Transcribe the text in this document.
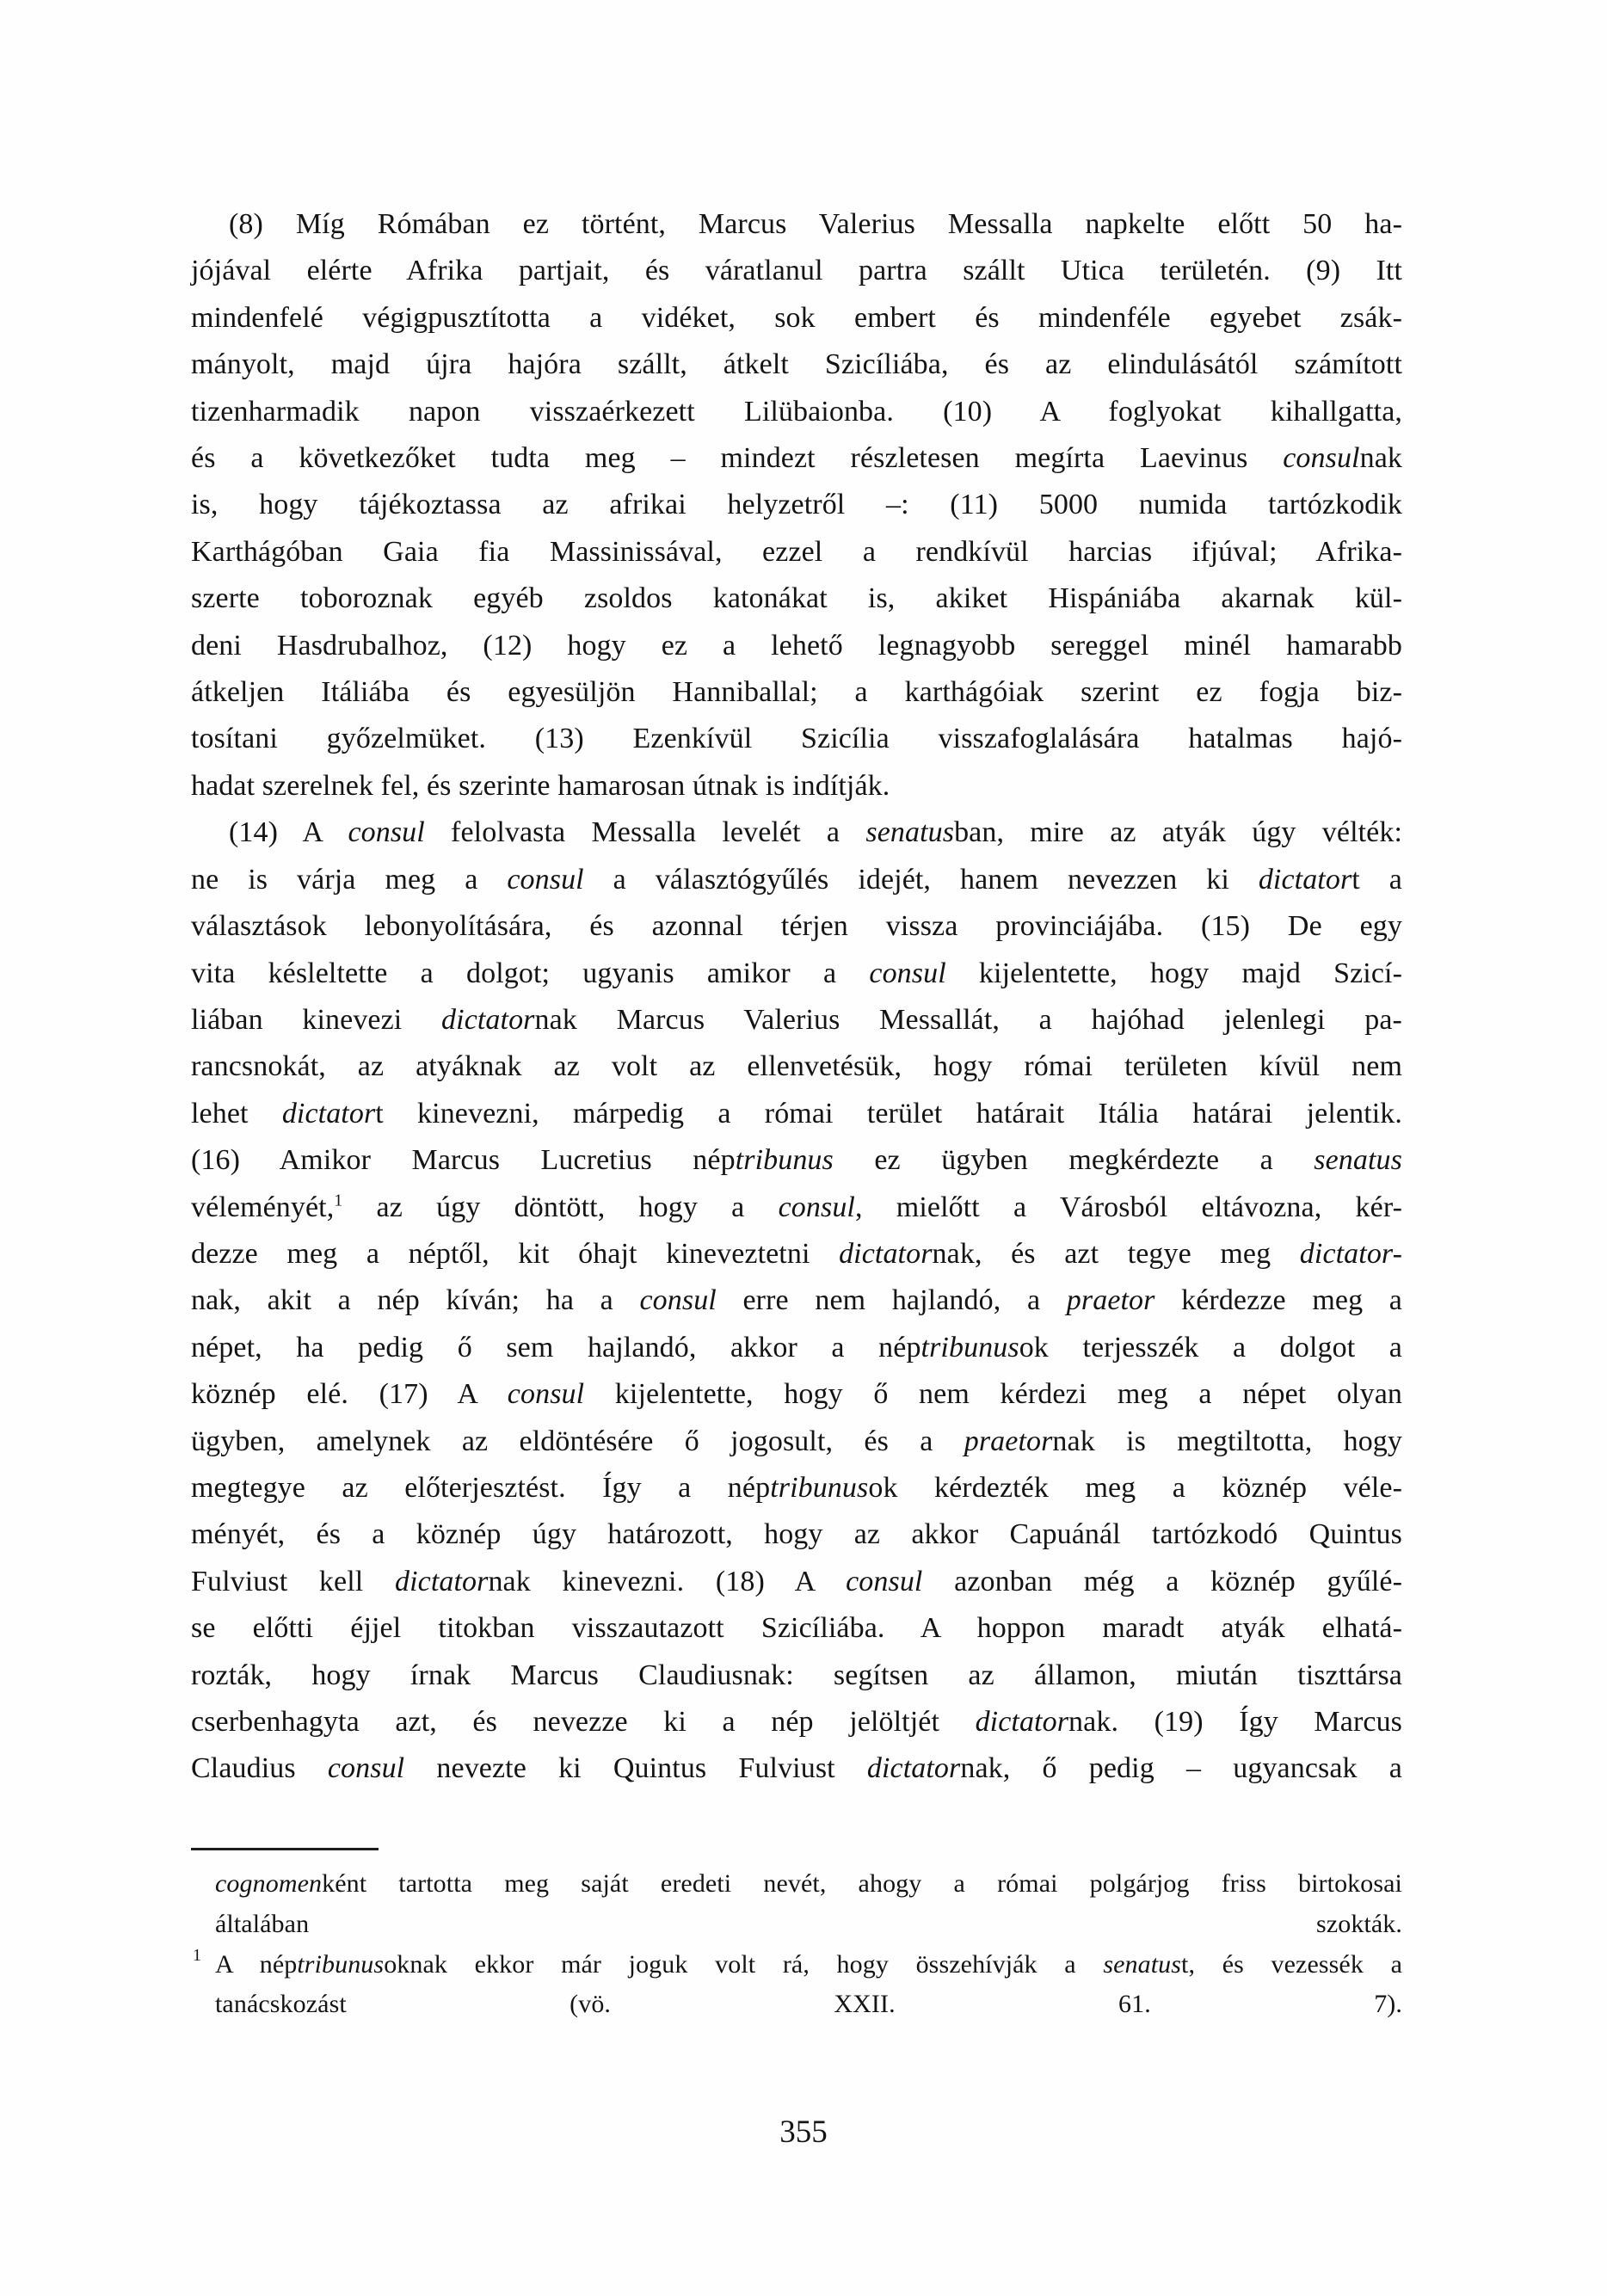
(8) Míg Rómában ez történt, Marcus Valerius Messalla napkelte előtt 50 ha-
jójával elérte Afrika partjait, és váratlanul partra szállt Utica területén. (9) Itt
mindenfelé végigpusztította a vidéket, sok embert és mindenféle egyebet zsák-
mányolt, majd újra hajóra szállt, átkelt Szicíliába, és az elindulásától számított
tizenharmadik napon visszaérkezett Lilübaionba. (10) A foglyokat kihallgatta,
és a következőket tudta meg – mindezt részletesen megírta Laevinus consulnak
is, hogy tájékoztassa az afrikai helyzetről –: (11) 5000 numida tartózkodik
Karthágóban Gaia fia Massinissával, ezzel a rendkívül harcias ifjúval; Afrika-
szerte toboroznak egyéb zsoldos katonákat is, akiket Hispániába akarnak kül-
deni Hasdrubalhoz, (12) hogy ez a lehető legnagyobb sereggel minél hamarabb
átkeljen Itáliába és egyesüljön Hanniballal; a karthágóiak szerint ez fogja biz-
tosítani győzelmüket. (13) Ezenkívül Szicília visszafoglalására hatalmas hajó-
hadat szerelnek fel, és szerinte hamarosan útnak is indítják.
(14) A consul felolvasta Messalla levelét a senatusban, mire az atyák úgy vélték:
ne is várja meg a consul a választógyűlés idejét, hanem nevezzen ki dictatort a
választások lebonyolítására, és azonnal térjen vissza provinciájába. (15) De egy
vita késleltette a dolgot; ugyanis amikor a consul kijelentette, hogy majd Szicí-
liában kinevezi dictatornak Marcus Valerius Messallát, a hajóhad jelenlegi pa-
rancsnokát, az atyáknak az volt az ellenvetésük, hogy római területen kívül nem
lehet dictatort kinevezni, márpedig a római terület határait Itália határai jelentik.
(16) Amikor Marcus Lucretius néptribunus ez ügyben megkérdezte a senatus
véleményét,$^1$ az úgy döntött, hogy a consul, mielőtt a Városból eltávozna, kér-
dezze meg a néptől, kit óhajt kineveztetni dictatornak, és azt tegye meg dictator-
nak, akit a nép kíván; ha a consul erre nem hajlandó, a praetor kérdezze meg a
népet, ha pedig ő sem hajlandó, akkor a néptribunusok terjesszék a dolgot a
köznép elé. (17) A consul kijelentette, hogy ő nem kérdezi meg a népet olyan
ügyben, amelynek az eldöntésére ő jogosult, és a praetornak is megtiltotta, hogy
megtegye az előterjesztést. Így a néptribunusok kérdezték meg a köznép véle-
ményét, és a köznép úgy határozott, hogy az akkor Capuánál tartózkodó Quintus
Fulviust kell dictatornak kinevezni. (18) A consul azonban még a köznép gyűlé-
se előtti éjjel titokban visszautazott Szicíliába. A hoppon maradt atyák elhatá-
rozták, hogy írnak Marcus Claudiusnak: segítsen az államon, miután tiszttársa
cserbenhagyta azt, és nevezze ki a nép jelöltjét dictatornak. (19) Így Marcus
Claudius consul nevezte ki Quintus Fulviust dictatornak, ő pedig – ugyancsak a
cognomenként tartotta meg saját eredeti nevét, ahogy a római polgárjog friss birtokosai
általában szokták.
1 A néptribunusoknak ekkor már joguk volt rá, hogy összehívják a senatust, és vezessék a
tanácskozást (vö. XXII. 61. 7).
355
